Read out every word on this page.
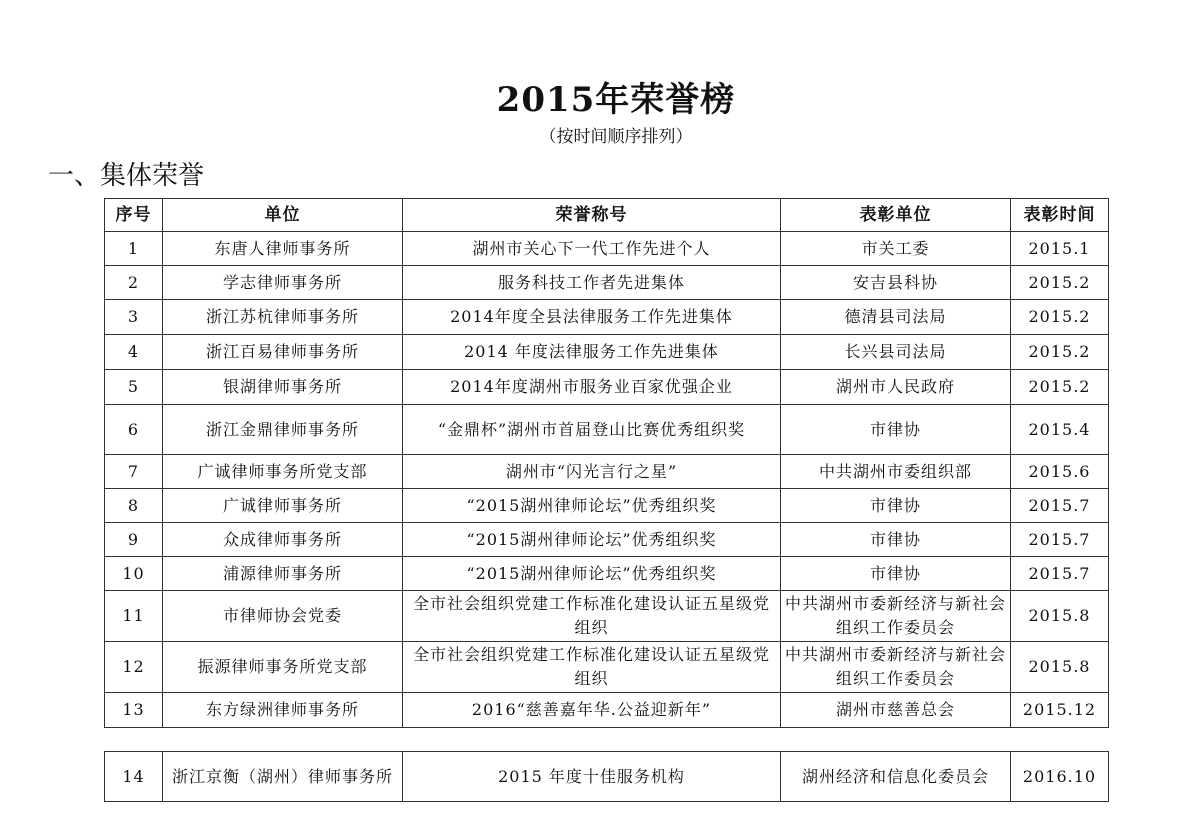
2015年荣誉榜
（按时间顺序排列）
一、集体荣誉
序号	单位	荣誉称号	表彰单位	表彰时间
1	东唐人律师事务所	湖州市关心下一代工作先进个人	市关工委	2015.1
2	学志律师事务所	服务科技工作者先进集体	安吉县科协	2015.2
3	浙江苏杭律师事务所	2014年度全县法律服务工作先进集体	德清县司法局	2015.2
4	浙江百易律师事务所	2014 年度法律服务工作先进集体	长兴县司法局	2015.2
5	银湖律师事务所	2014年度湖州市服务业百家优强企业	湖州市人民政府	2015.2
6	浙江金鼎律师事务所	“金鼎杯”湖州市首届登山比赛优秀组织奖	市律协	2015.4
7	广诚律师事务所党支部	湖州市“闪光言行之星”	中共湖州市委组织部	2015.6
8	广诚律师事务所	“2015湖州律师论坛”优秀组织奖	市律协	2015.7
9	众成律师事务所	“2015湖州律师论坛”优秀组织奖	市律协	2015.7
10	浦源律师事务所	“2015湖州律师论坛”优秀组织奖	市律协	2015.7
11	市律师协会党委	全市社会组织党建工作标准化建设认证五星级党组织	中共湖州市委新经济与新社会组织工作委员会	2015.8
12	振源律师事务所党支部	全市社会组织党建工作标准化建设认证五星级党组织	中共湖州市委新经济与新社会组织工作委员会	2015.8
13	东方绿洲律师事务所	2016“慈善嘉年华.公益迎新年”	湖州市慈善总会	2015.12
14	浙江京衡（湖州）律师事务所	2015 年度十佳服务机构	湖州经济和信息化委员会	2016.10
